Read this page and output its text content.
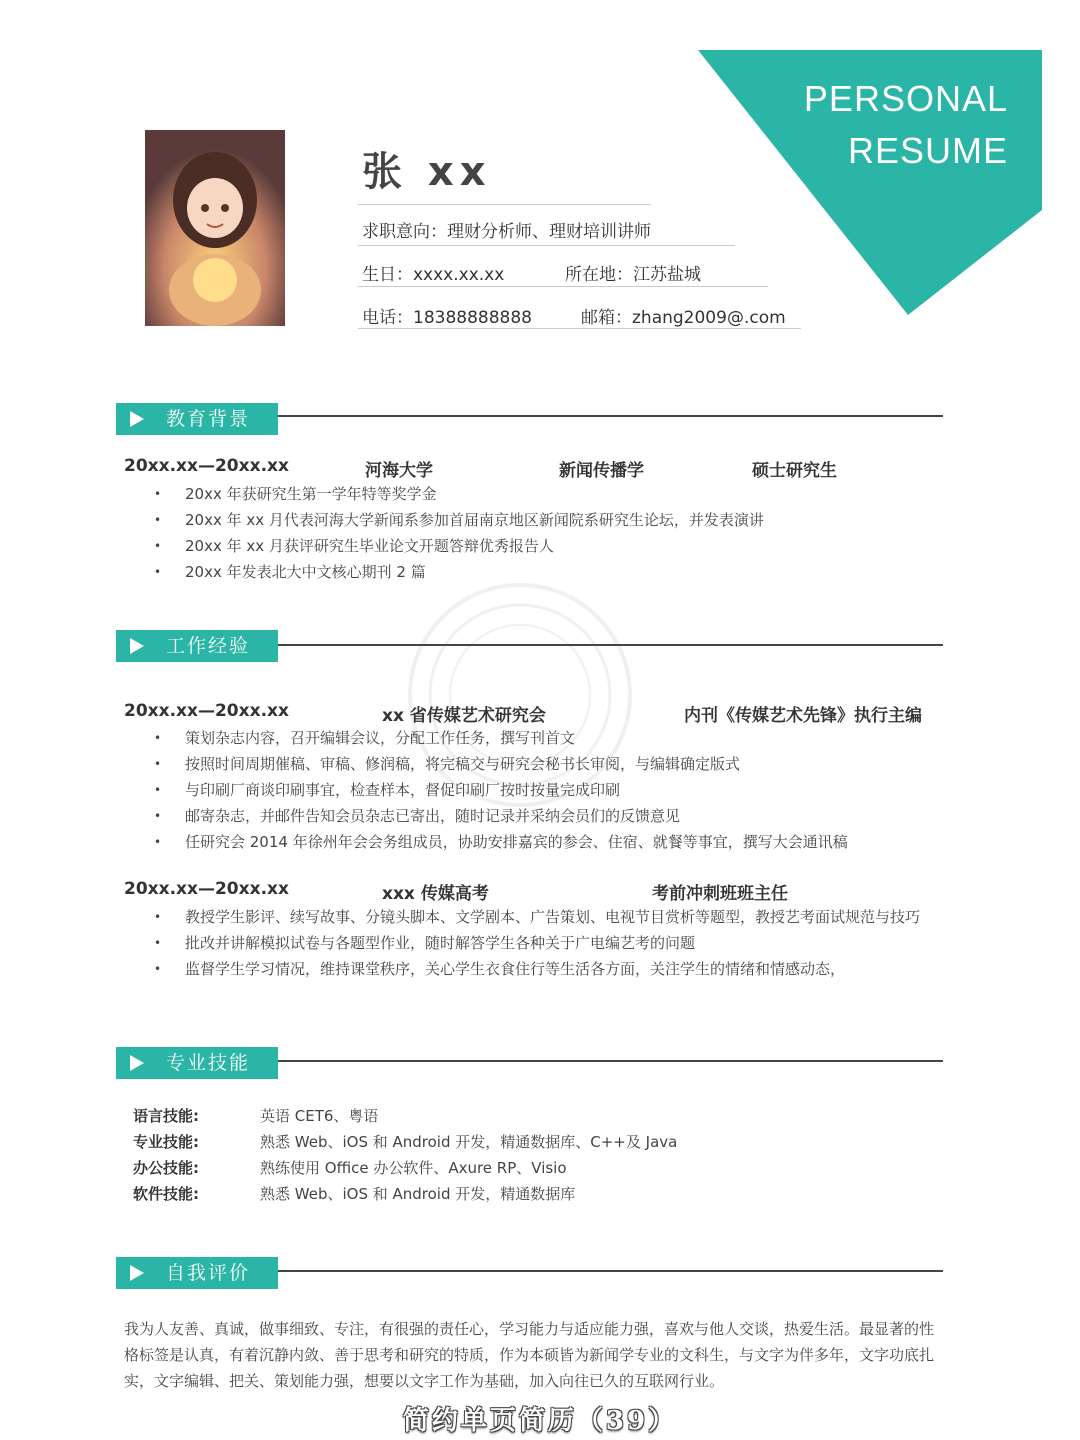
PERSONAL
RESUME
张 xx
求职意向：理财分析师、理财培训讲师
生日：xxxx.xx.xx	所在地：江苏盐城
电话：18388888888	邮箱：zhang2009@.com
教育背景
20xx.xx—20xx.xx	河海大学	新闻传播学	硕士研究生
• 20xx 年获研究生第一学年特等奖学金
• 20xx 年 xx 月代表河海大学新闻系参加首届南京地区新闻院系研究生论坛，并发表演讲
• 20xx 年 xx 月获评研究生毕业论文开题答辩优秀报告人
• 20xx 年发表北大中文核心期刊 2 篇
工作经验
20xx.xx—20xx.xx	xx 省传媒艺术研究会	内刊《传媒艺术先锋》执行主编
• 策划杂志内容，召开编辑会议，分配工作任务，撰写刊首文
• 按照时间周期催稿、审稿、修润稿，将完稿交与研究会秘书长审阅，与编辑确定版式
• 与印刷厂商谈印刷事宜，检查样本，督促印刷厂按时按量完成印刷
• 邮寄杂志，并邮件告知会员杂志已寄出，随时记录并采纳会员们的反馈意见
• 任研究会 2014 年徐州年会会务组成员，协助安排嘉宾的参会、住宿、就餐等事宜，撰写大会通讯稿
20xx.xx—20xx.xx	xxx 传媒高考	考前冲刺班班主任
• 教授学生影评、续写故事、分镜头脚本、文学剧本、广告策划、电视节目赏析等题型，教授艺考面试规范与技巧
• 批改并讲解模拟试卷与各题型作业，随时解答学生各种关于广电编艺考的问题
• 监督学生学习情况，维持课堂秩序，关心学生衣食住行等生活各方面，关注学生的情绪和情感动态，
专业技能
语言技能:	英语 CET6、粤语
专业技能:	熟悉 Web、iOS 和 Android 开发，精通数据库、C++及 Java
办公技能:	熟练使用 Office 办公软件、Axure RP、Visio
软件技能:	熟悉 Web、iOS 和 Android 开发，精通数据库
自我评价

我为人友善、真诚，做事细致、专注，有很强的责任心，学习能力与适应能力强，喜欢与他人交谈，热爱生活。最显著的性格标签是认真，有着沉静内敛、善于思考和研究的特质，作为本硕皆为新闻学专业的文科生，与文字为伴多年，文字功底扎实，文字编辑、把关、策划能力强，想要以文字工作为基础，加入向往已久的互联网行业。

简约单页简历（39）
